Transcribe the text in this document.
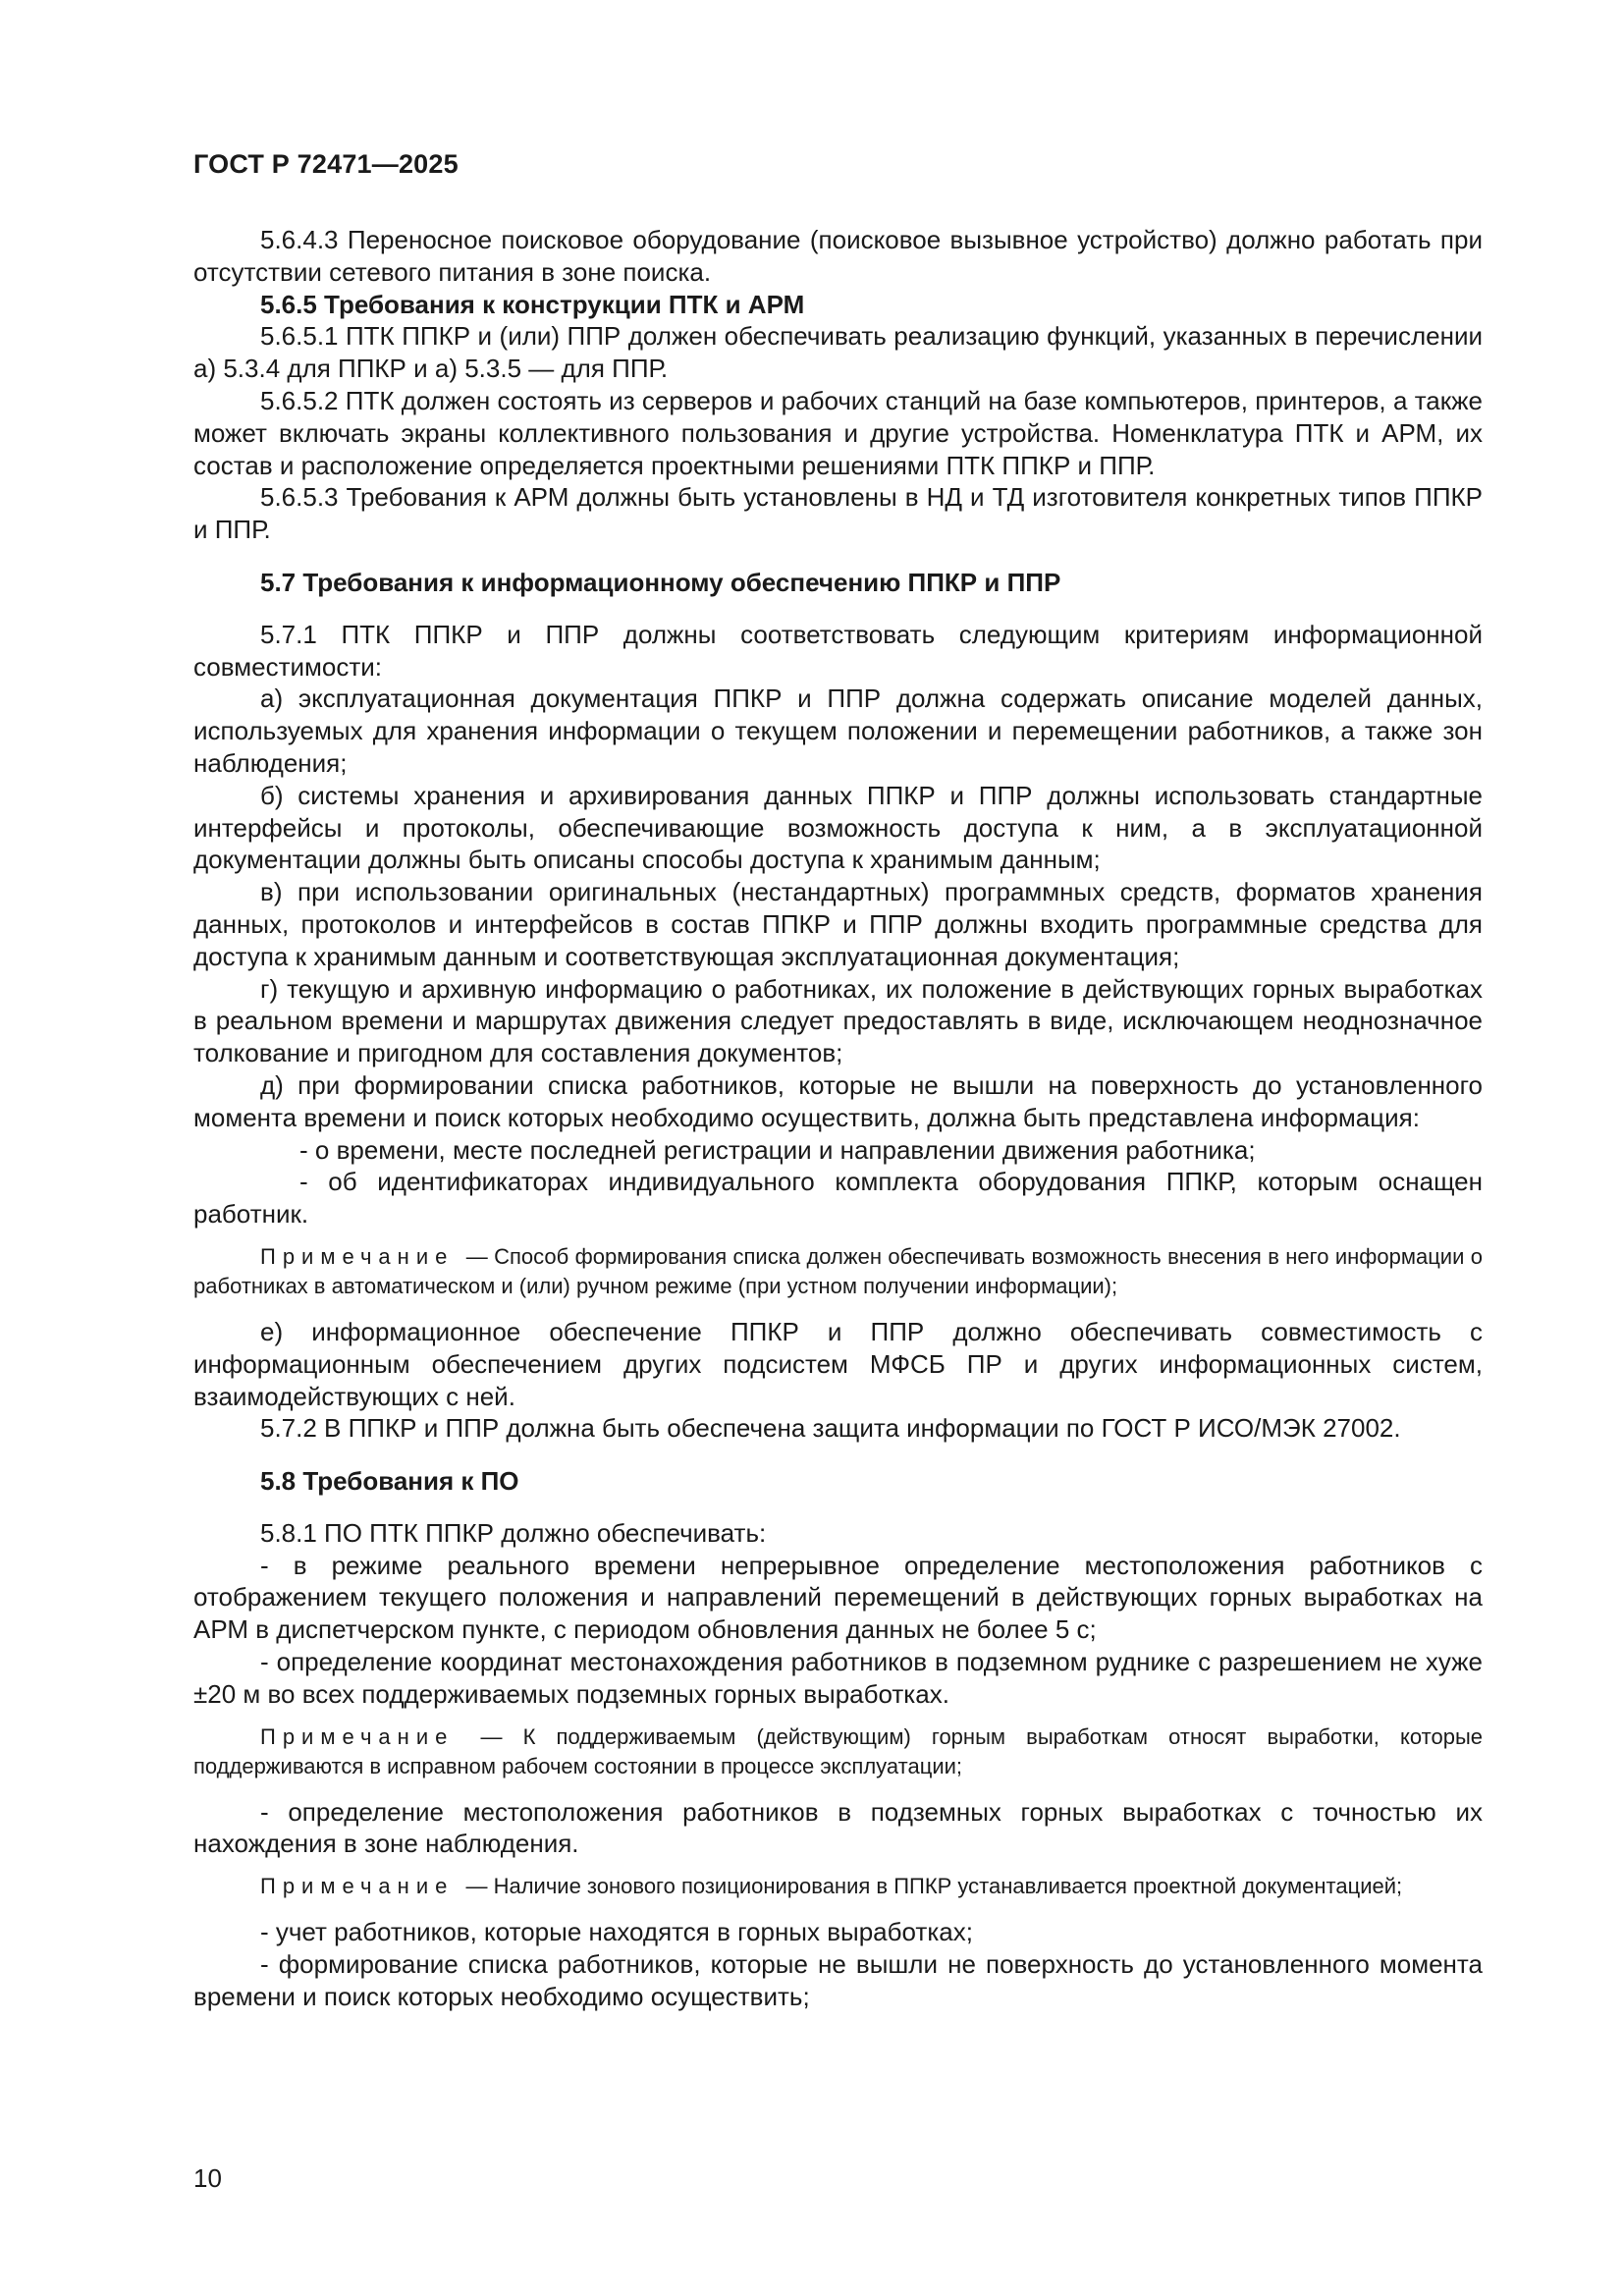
ГОСТ Р 72471—2025

5.6.4.3 Переносное поисковое оборудование (поисковое вызывное устройство) должно работать при отсутствии сетевого питания в зоне поиска.

5.6.5 Требования к конструкции ПТК и АРМ

5.6.5.1 ПТК ППКР и (или) ППР должен обеспечивать реализацию функций, указанных в перечислении а) 5.3.4 для ППКР и а) 5.3.5 — для ППР.

5.6.5.2 ПТК должен состоять из серверов и рабочих станций на базе компьютеров, принтеров, а также может включать экраны коллективного пользования и другие устройства. Номенклатура ПТК и АРМ, их состав и расположение определяется проектными решениями ПТК ППКР и ППР.

5.6.5.3 Требования к АРМ должны быть установлены в НД и ТД изготовителя конкретных типов ППКР и ППР.

5.7 Требования к информационному обеспечению ППКР и ППР

5.7.1 ПТК ППКР и ППР должны соответствовать следующим критериям информационной совместимости:

а) эксплуатационная документация ППКР и ППР должна содержать описание моделей данных, используемых для хранения информации о текущем положении и перемещении работников, а также зон наблюдения;

б) системы хранения и архивирования данных ППКР и ППР должны использовать стандартные интерфейсы и протоколы, обеспечивающие возможность доступа к ним, а в эксплуатационной документации должны быть описаны способы доступа к хранимым данным;

в) при использовании оригинальных (нестандартных) программных средств, форматов хранения данных, протоколов и интерфейсов в состав ППКР и ППР должны входить программные средства для доступа к хранимым данным и соответствующая эксплуатационная документация;

г) текущую и архивную информацию о работниках, их положение в действующих горных выработках в реальном времени и маршрутах движения следует предоставлять в виде, исключающем неоднозначное толкование и пригодном для составления документов;

д) при формировании списка работников, которые не вышли на поверхность до установленного момента времени и поиск которых необходимо осуществить, должна быть представлена информация:

- о времени, месте последней регистрации и направлении движения работника;

- об идентификаторах индивидуального комплекта оборудования ППКР, которым оснащен работник.

Примечание — Способ формирования списка должен обеспечивать возможность внесения в него информации о работниках в автоматическом и (или) ручном режиме (при устном получении информации);

е) информационное обеспечение ППКР и ППР должно обеспечивать совместимость с информационным обеспечением других подсистем МФСБ ПР и других информационных систем, взаимодействующих с ней.

5.7.2 В ППКР и ППР должна быть обеспечена защита информации по ГОСТ Р ИСО/МЭК 27002.

5.8 Требования к ПО

5.8.1 ПО ПТК ППКР должно обеспечивать:

- в режиме реального времени непрерывное определение местоположения работников с отображением текущего положения и направлений перемещений в действующих горных выработках на АРМ в диспетчерском пункте, с периодом обновления данных не более 5 с;

- определение координат местонахождения работников в подземном руднике с разрешением не хуже ±20 м во всех поддерживаемых подземных горных выработках.

Примечание — К поддерживаемым (действующим) горным выработкам относят выработки, которые поддерживаются в исправном рабочем состоянии в процессе эксплуатации;

- определение местоположения работников в подземных горных выработках с точностью их нахождения в зоне наблюдения.

Примечание — Наличие зонового позиционирования в ППКР устанавливается проектной документацией;

- учет работников, которые находятся в горных выработках;

- формирование списка работников, которые не вышли не поверхность до установленного момента времени и поиск которых необходимо осуществить;

10
